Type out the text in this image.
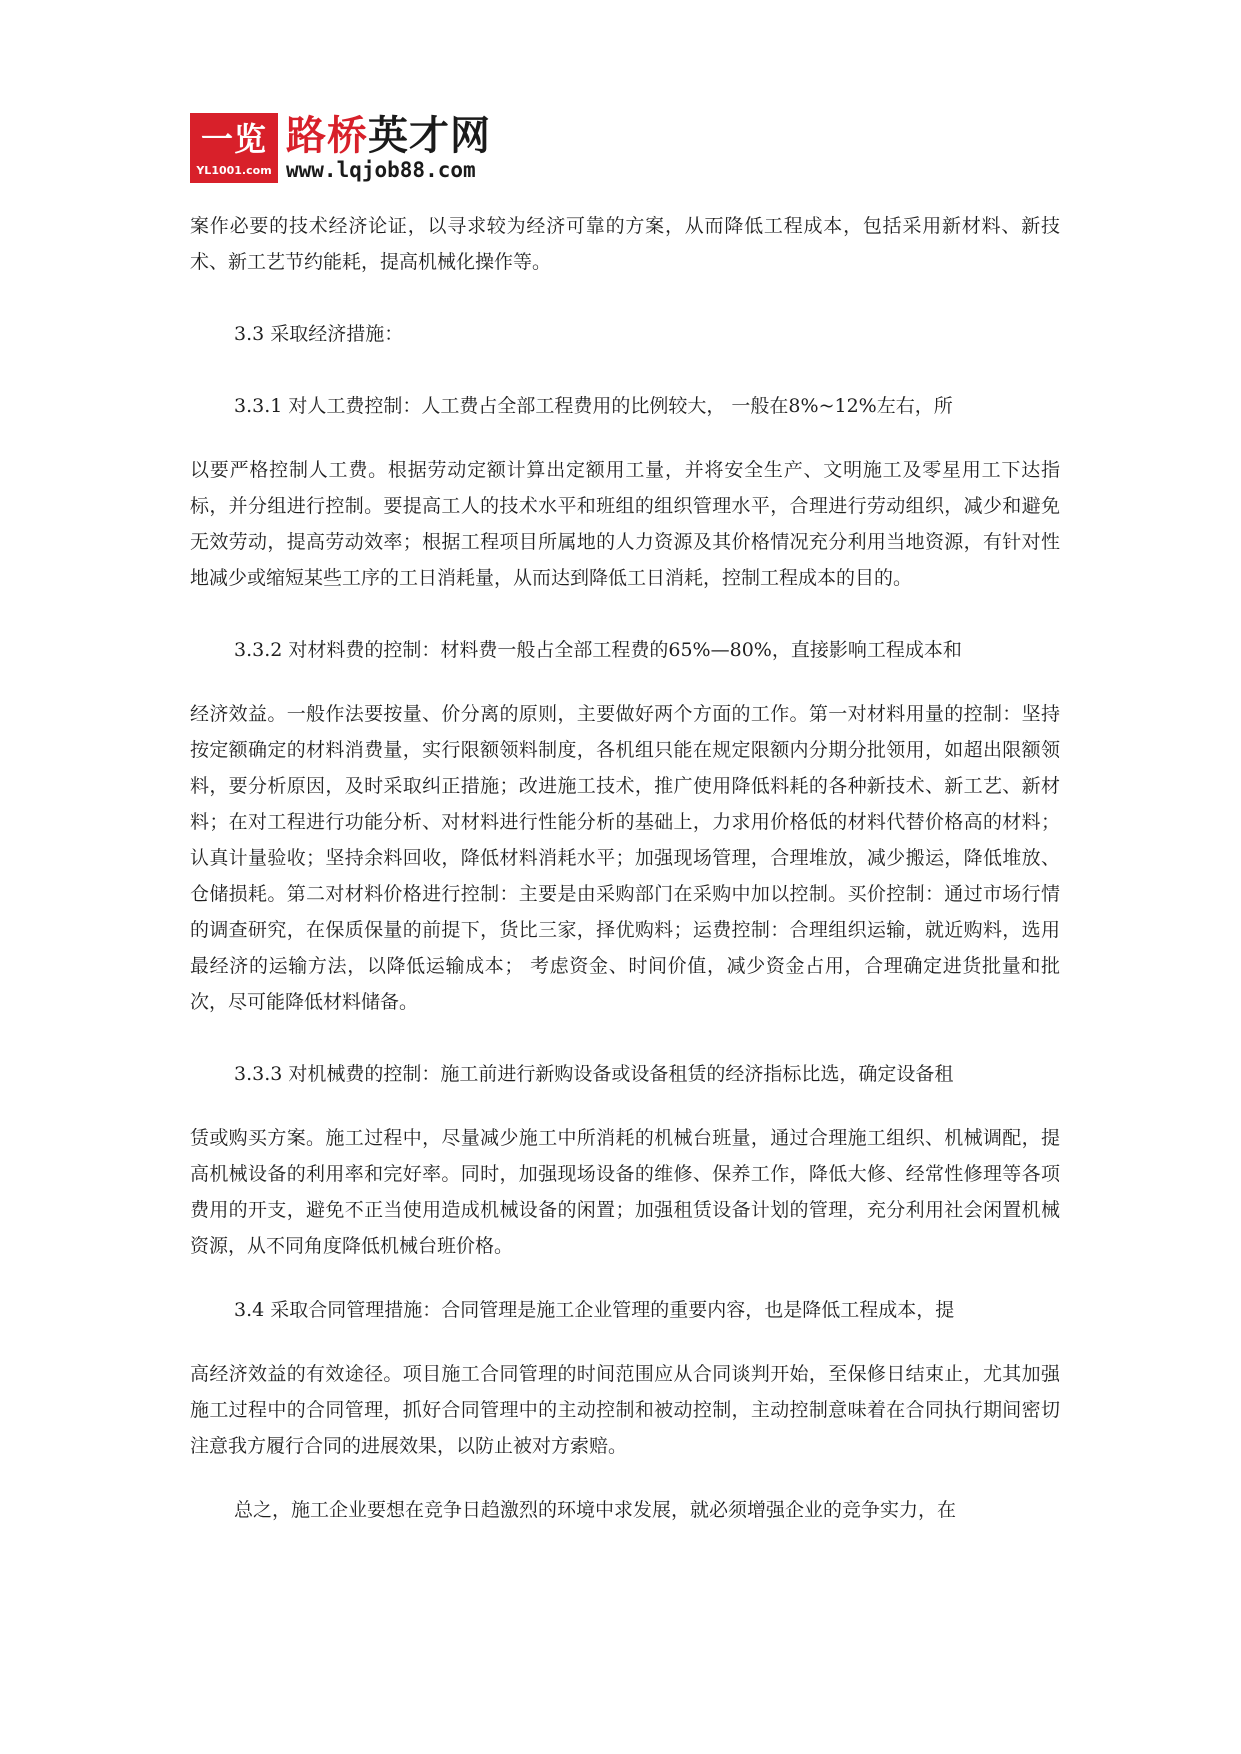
一览
YL1001.com
路桥英才网
www.lqjob88.com

案作必要的技术经济论证，以寻求较为经济可靠的方案，从而降低工程成本，包括采用新材料、新技术、新工艺节约能耗，提高机械化操作等。

3.3 采取经济措施：

3.3.1 对人工费控制：人工费占全部工程费用的比例较大， 一般在8%~12%左右，所

以要严格控制人工费。根据劳动定额计算出定额用工量，并将安全生产、文明施工及零星用工下达指标，并分组进行控制。要提高工人的技术水平和班组的组织管理水平，合理进行劳动组织，减少和避免无效劳动，提高劳动效率；根据工程项目所属地的人力资源及其价格情况充分利用当地资源，有针对性地减少或缩短某些工序的工日消耗量，从而达到降低工日消耗，控制工程成本的目的。

3.3.2 对材料费的控制：材料费一般占全部工程费的65%—80%，直接影响工程成本和

经济效益。一般作法要按量、价分离的原则，主要做好两个方面的工作。第一对材料用量的控制：坚持按定额确定的材料消费量，实行限额领料制度，各机组只能在规定限额内分期分批领用，如超出限额领料，要分析原因，及时采取纠正措施；改进施工技术，推广使用降低料耗的各种新技术、新工艺、新材料；在对工程进行功能分析、对材料进行性能分析的基础上，力求用价格低的材料代替价格高的材料；认真计量验收；坚持余料回收，降低材料消耗水平；加强现场管理，合理堆放，减少搬运，降低堆放、仓储损耗。第二对材料价格进行控制：主要是由采购部门在采购中加以控制。买价控制：通过市场行情的调查研究，在保质保量的前提下，货比三家，择优购料；运费控制：合理组织运输，就近购料，选用最经济的运输方法，以降低运输成本； 考虑资金、时间价值，减少资金占用，合理确定进货批量和批次，尽可能降低材料储备。

3.3.3 对机械费的控制：施工前进行新购设备或设备租赁的经济指标比选，确定设备租

赁或购买方案。施工过程中，尽量减少施工中所消耗的机械台班量，通过合理施工组织、机械调配，提高机械设备的利用率和完好率。同时，加强现场设备的维修、保养工作，降低大修、经常性修理等各项费用的开支，避免不正当使用造成机械设备的闲置；加强租赁设备计划的管理，充分利用社会闲置机械资源，从不同角度降低机械台班价格。

3.4 采取合同管理措施：合同管理是施工企业管理的重要内容，也是降低工程成本，提

高经济效益的有效途径。项目施工合同管理的时间范围应从合同谈判开始，至保修日结束止，尤其加强施工过程中的合同管理，抓好合同管理中的主动控制和被动控制，主动控制意味着在合同执行期间密切注意我方履行合同的进展效果，以防止被对方索赔。

总之，施工企业要想在竞争日趋激烈的环境中求发展，就必须增强企业的竞争实力，在
